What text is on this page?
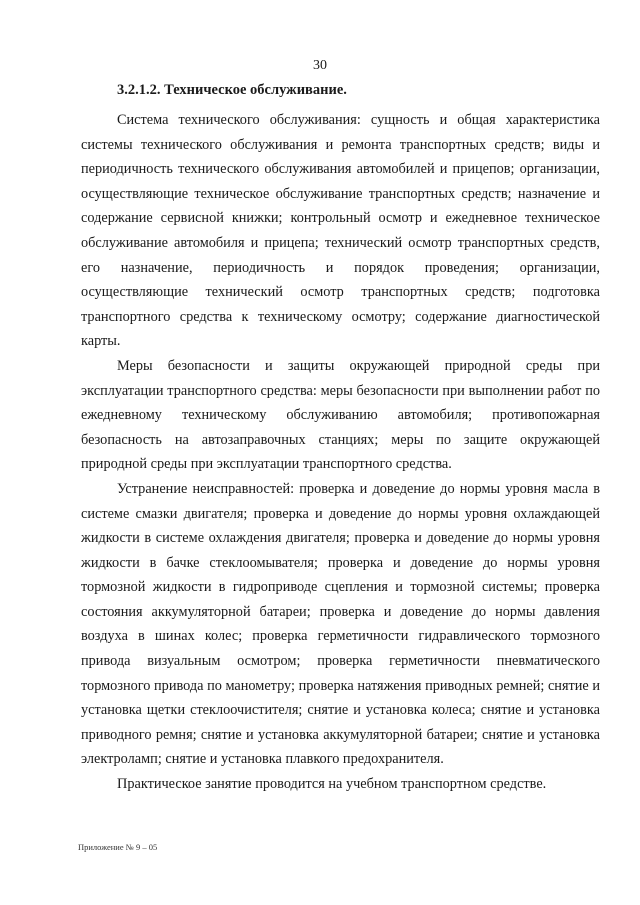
30
3.2.1.2. Техническое обслуживание.

Система технического обслуживания: сущность и общая характеристика системы технического обслуживания и ремонта транспортных средств; виды и периодичность технического обслуживания автомобилей и прицепов; организации, осуществляющие техническое обслуживание транспортных средств; назначение и содержание сервисной книжки; контрольный осмотр и ежедневное техническое обслуживание автомобиля и прицепа; технический осмотр транспортных средств, его назначение, периодичность и порядок проведения; организации, осуществляющие технический осмотр транспортных средств; подготовка транспортного средства к техническому осмотру; содержание диагностической карты.

Меры безопасности и защиты окружающей природной среды при эксплуатации транспортного средства: меры безопасности при выполнении работ по ежедневному техническому обслуживанию автомобиля; противопожарная безопасность на автозаправочных станциях; меры по защите окружающей природной среды при эксплуатации транспортного средства.

Устранение неисправностей: проверка и доведение до нормы уровня масла в системе смазки двигателя; проверка и доведение до нормы уровня охлаждающей жидкости в системе охлаждения двигателя; проверка и доведение до нормы уровня жидкости в бачке стеклоомывателя; проверка и доведение до нормы уровня тормозной жидкости в гидроприводе сцепления и тормозной системы; проверка состояния аккумуляторной батареи; проверка и доведение до нормы давления воздуха в шинах колес; проверка герметичности гидравлического тормозного привода визуальным осмотром; проверка герметичности пневматического тормозного привода по манометру; проверка натяжения приводных ремней; снятие и установка щетки стеклоочистителя; снятие и установка колеса; снятие и установка приводного ремня; снятие и установка аккумуляторной батареи; снятие и установка электроламп; снятие и установка плавкого предохранителя.

Практическое занятие проводится на учебном транспортном средстве.

Приложение № 9 – 05
